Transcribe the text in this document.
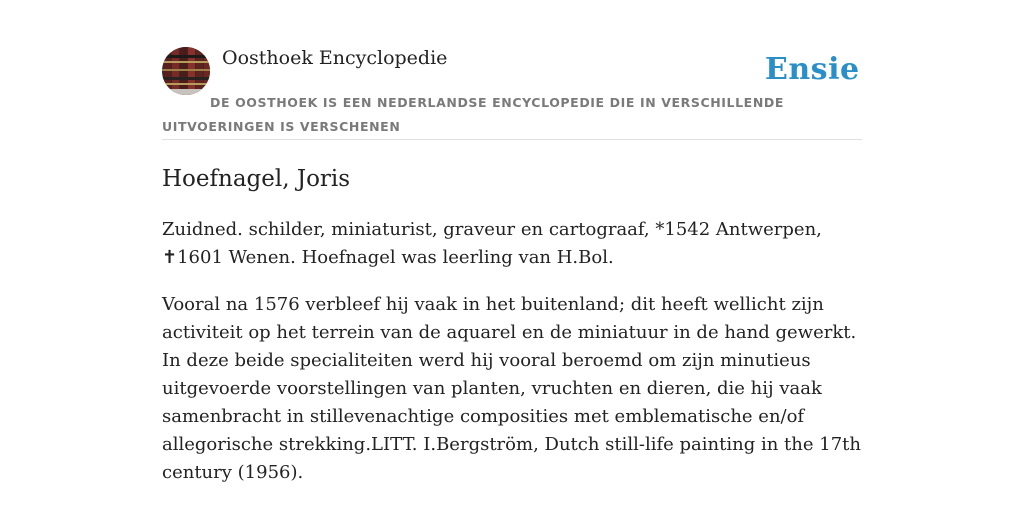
Oosthoek Encyclopedie	Ensie
DE OOSTHOEK IS EEN NEDERLANDSE ENCYCLOPEDIE DIE IN VERSCHILLENDE UITVOERINGEN IS VERSCHENEN
Hoefnagel, Joris

Zuidned. schilder, miniaturist, graveur en cartograaf, *1542 Antwerpen, ✝1601 Wenen. Hoefnagel was leerling van H.Bol.

Vooral na 1576 verbleef hij vaak in het buitenland; dit heeft wellicht zijn activiteit op het terrein van de aquarel en de miniatuur in de hand gewerkt. In deze beide specialiteiten werd hij vooral beroemd om zijn minutieus uitgevoerde voorstellingen van planten, vruchten en dieren, die hij vaak samenbracht in stillevenachtige composities met emblematische en/of allegorische strekking.LITT. I.Bergström, Dutch still-life painting in the 17th century (1956).
